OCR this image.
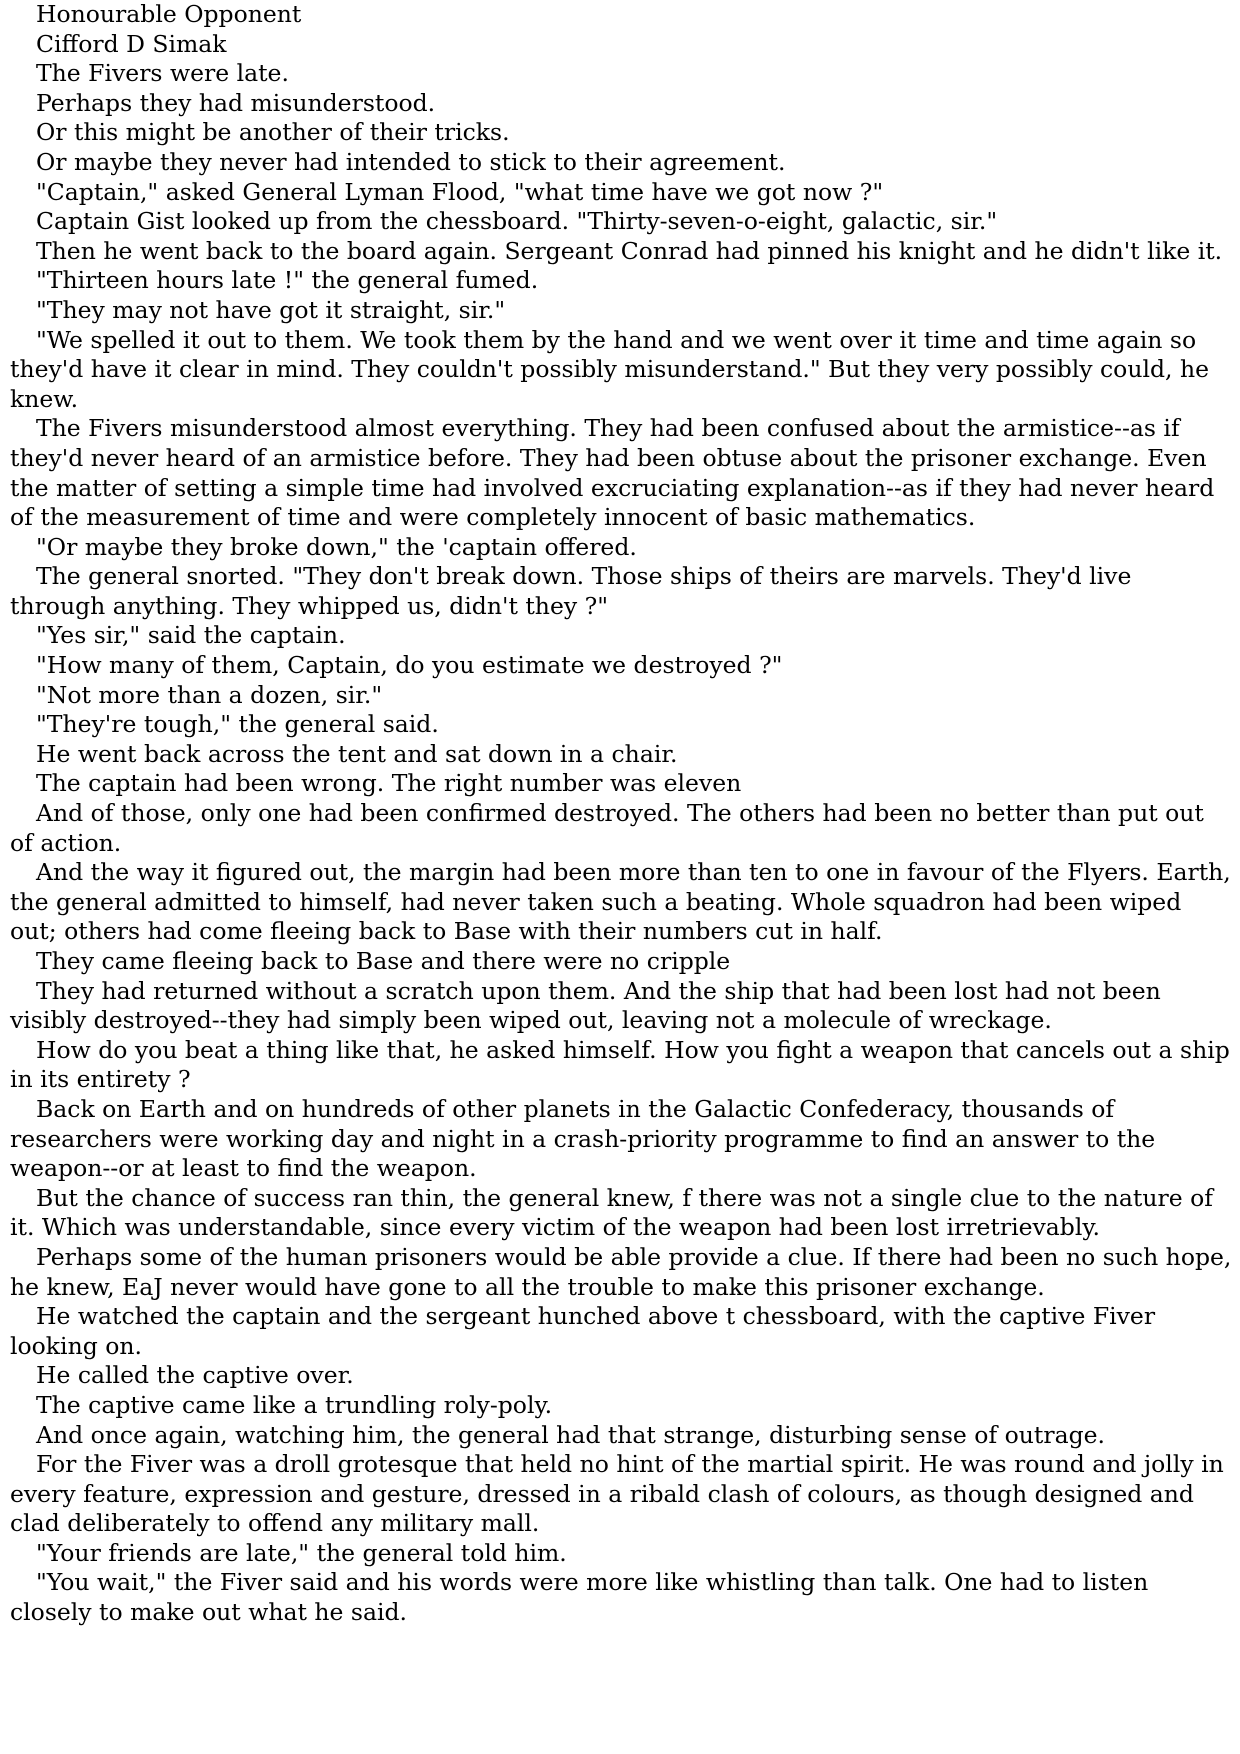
Honourable Opponent

Cifford D Simak

The Fivers were late.

Perhaps they had misunderstood.

Or this might be another of their tricks.

Or maybe they never had intended to stick to their agreement.

"Captain," asked General Lyman Flood, "what time have we got now ?"

Captain Gist looked up from the chessboard. "Thirty-seven-o-eight, galactic, sir."

Then he went back to the board again. Sergeant Conrad had pinned his knight and he didn't like it.

"Thirteen hours late !" the general fumed.

"They may not have got it straight, sir."

"We spelled it out to them. We took them by the hand and we went over it time and time again so they'd have it clear in mind. They couldn't possibly misunderstand." But they very possibly could, he knew.

The Fivers misunderstood almost everything. They had been confused about the armistice--as if they'd never heard of an armistice before. They had been obtuse about the prisoner exchange. Even the matter of setting a simple time had involved excruciating explanation--as if they had never heard of the measurement of time and were completely innocent of basic mathematics.

"Or maybe they broke down," the 'captain offered.

The general snorted. "They don't break down. Those ships of theirs are marvels. They'd live through anything. They whipped us, didn't they ?"

"Yes sir," said the captain.

"How many of them, Captain, do you estimate we destroyed ?"

"Not more than a dozen, sir."

"They're tough," the general said.

He went back across the tent and sat down in a chair.

The captain had been wrong. The right number was eleven

And of those, only one had been confirmed destroyed. The others had been no better than put out of action.

And the way it figured out, the margin had been more than ten to one in favour of the Flyers. Earth, the general admitted to himself, had never taken such a beating. Whole squadron had been wiped out; others had come fleeing back to Base with their numbers cut in half.

They came fleeing back to Base and there were no cripple

They had returned without a scratch upon them. And the ship that had been lost had not been visibly destroyed--they had simply been wiped out, leaving not a molecule of wreckage.

How do you beat a thing like that, he asked himself. How you fight a weapon that cancels out a ship in its entirety ?

Back on Earth and on hundreds of other planets in the Galactic Confederacy, thousands of researchers were working day and night in a crash-priority programme to find an answer to the weapon--or at least to find the weapon.

But the chance of success ran thin, the general knew, f there was not a single clue to the nature of it. Which was understandable, since every victim of the weapon had been lost irretrievably.

Perhaps some of the human prisoners would be able provide a clue. If there had been no such hope, he knew, EaJ never would have gone to all the trouble to make this prisoner exchange.

He watched the captain and the sergeant hunched above t chessboard, with the captive Fiver looking on.

He called the captive over.

The captive came like a trundling roly-poly.

And once again, watching him, the general had that strange, disturbing sense of outrage.

For the Fiver was a droll grotesque that held no hint of the martial spirit. He was round and jolly in every feature, expression and gesture, dressed in a ribald clash of colours, as though designed and clad deliberately to offend any military mall.

"Your friends are late," the general told him.

"You wait," the Fiver said and his words were more like whistling than talk. One had to listen closely to make out what he said.
